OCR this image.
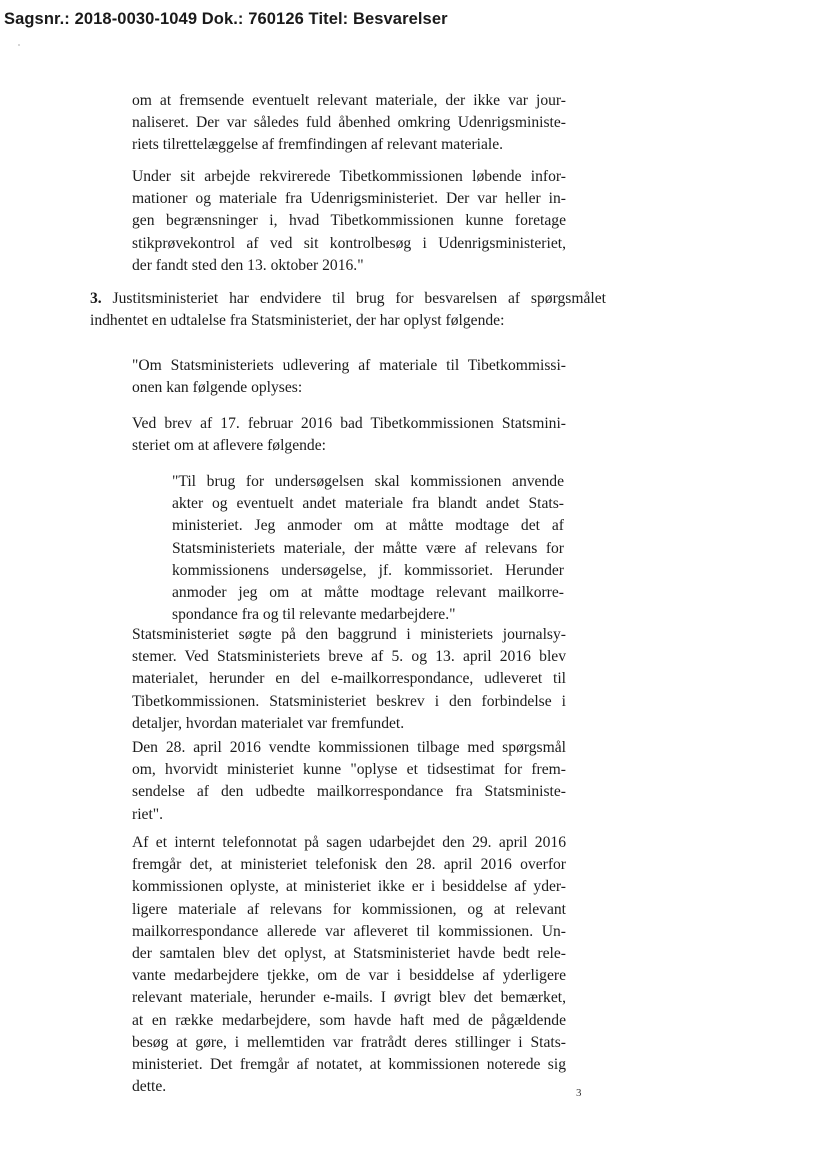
Sagsnr.: 2018-0030-1049 Dok.: 760126 Titel: Besvarelser
om at fremsende eventuelt relevant materiale, der ikke var jour-
naliseret. Der var således fuld åbenhed omkring Udenrigsministe-
riets tilrettelæggelse af fremfindingen af relevant materiale.
Under sit arbejde rekvirerede Tibetkommissionen løbende infor-
mationer og materiale fra Udenrigsministeriet. Der var heller in-
gen begrænsninger i, hvad Tibetkommissionen kunne foretage
stikprøvekontrol af ved sit kontrolbesøg i Udenrigsministeriet,
der fandt sted den 13. oktober 2016."
3. Justitsministeriet har endvidere til brug for besvarelsen af spørgsmålet
indhentet en udtalelse fra Statsministeriet, der har oplyst følgende:
"Om Statsministeriets udlevering af materiale til Tibetkommissi-
onen kan følgende oplyses:
Ved brev af 17. februar 2016 bad Tibetkommissionen Statsmini-
steriet om at aflevere følgende:
"Til brug for undersøgelsen skal kommissionen anvende
akter og eventuelt andet materiale fra blandt andet Stats-
ministeriet. Jeg anmoder om at måtte modtage det af
Statsministeriets materiale, der måtte være af relevans for
kommissionens undersøgelse, jf. kommissoriet. Herunder
anmoder jeg om at måtte modtage relevant mailkorre-
spondance fra og til relevante medarbejdere."
Statsministeriet søgte på den baggrund i ministeriets journalsy-
stemer. Ved Statsministeriets breve af 5. og 13. april 2016 blev
materialet, herunder en del e-mailkorrespondance, udleveret til
Tibetkommissionen. Statsministeriet beskrev i den forbindelse i
detaljer, hvordan materialet var fremfundet.
Den 28. april 2016 vendte kommissionen tilbage med spørgsmål
om, hvorvidt ministeriet kunne "oplyse et tidsestimat for frem-
sendelse af den udbedte mailkorrespondance fra Statsministe-
riet".
Af et internt telefonnotat på sagen udarbejdet den 29. april 2016
fremgår det, at ministeriet telefonisk den 28. april 2016 overfor
kommissionen oplyste, at ministeriet ikke er i besiddelse af yder-
ligere materiale af relevans for kommissionen, og at relevant
mailkorrespondance allerede var afleveret til kommissionen. Un-
der samtalen blev det oplyst, at Statsministeriet havde bedt rele-
vante medarbejdere tjekke, om de var i besiddelse af yderligere
relevant materiale, herunder e-mails. I øvrigt blev det bemærket,
at en række medarbejdere, som havde haft med de pågældende
besøg at gøre, i mellemtiden var fratrådt deres stillinger i Stats-
ministeriet. Det fremgår af notatet, at kommissionen noterede sig
dette.	3
